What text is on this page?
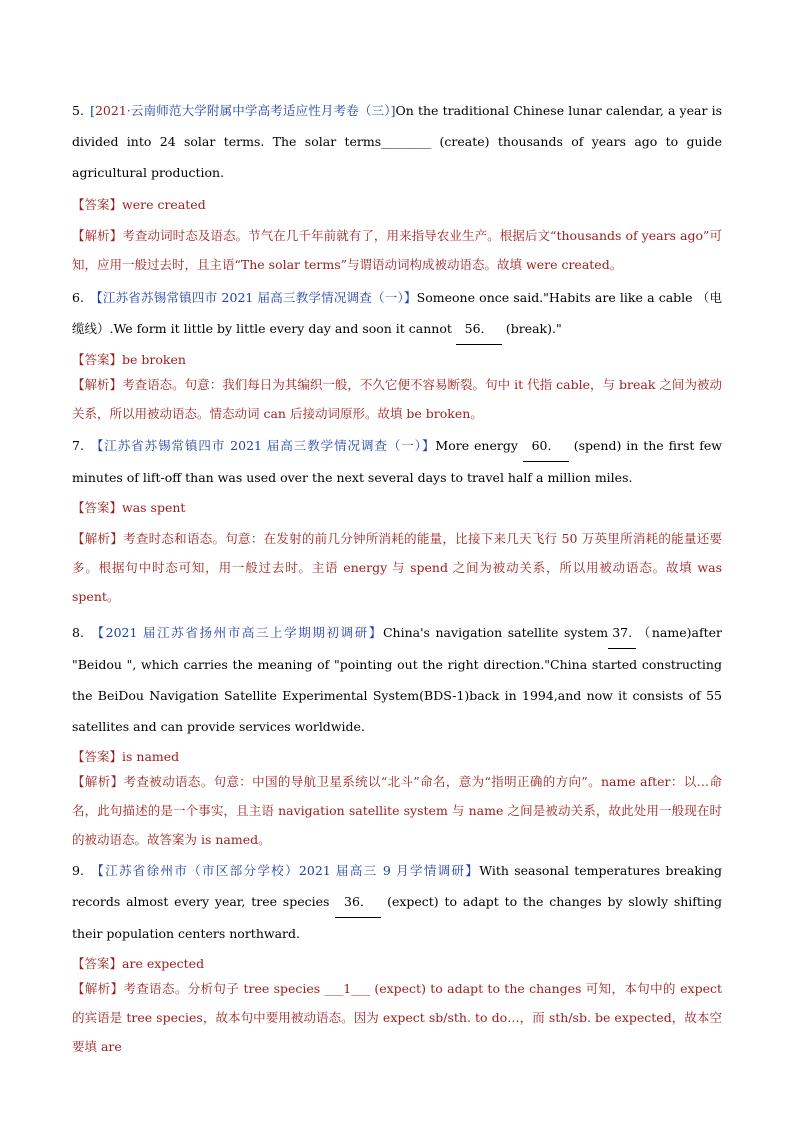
5. [2021·云南师范大学附属中学高考适应性月考卷（三）]On the traditional Chinese lunar calendar, a year is divided into 24 solar terms. The solar terms________ (create) thousands of years ago to guide agricultural production.
【答案】were created
【解析】考查动词时态及语态。节气在几千年前就有了，用来指导农业生产。根据后文“thousands of years ago”可知，应用一般过去时，且主语“The solar terms”与谓语动词构成被动语态。故填 were created。
6. 【江苏省苏锡常镇四市 2021 届高三教学情况调查（一）】Someone once said."Habits are like a cable （电缆线）.We form it little by little every day and soon it cannot 56． (break)."
【答案】be broken
【解析】考查语态。句意：我们每日为其编织一般，不久它便不容易断裂。句中 it 代指 cable，与 break 之间为被动关系，所以用被动语态。情态动词 can 后接动词原形。故填 be broken。
7. 【江苏省苏锡常镇四市 2021 届高三教学情况调查（一）】More energy 60． (spend) in the first few minutes of lift-off than was used over the next several days to travel half a million miles.
【答案】was spent
【解析】考查时态和语态。句意：在发射的前几分钟所消耗的能量，比接下来几天飞行 50 万英里所消耗的能量还要多。根据句中时态可知，用一般过去时。主语 energy 与 spend 之间为被动关系，所以用被动语态。故填 was spent。
8. 【2021 届江苏省扬州市高三上学期期初调研】China's navigation satellite system 37. （name)after "Beidou ", which carries the meaning of "pointing out the right direction."China started constructing the BeiDou Navigation Satellite Experimental System(BDS-1)back in 1994,and now it consists of 55 satellites and can provide services worldwide.
【答案】is named
【解析】考查被动语态。句意：中国的导航卫星系统以“北斗”命名，意为“指明正确的方向”。name after：以…命名，此句描述的是一个事实，且主语 navigation satellite system 与 name 之间是被动关系，故此处用一般现在时的被动语态。故答案为 is named。
9. 【江苏省徐州市（市区部分学校）2021 届高三 9 月学情调研】With seasonal temperatures breaking records almost every year, tree species 36． (expect) to adapt to the changes by slowly shifting their population centers northward.
【答案】are expected
【解析】考查语态。分析句子 tree species ___1___ (expect) to adapt to the changes 可知，本句中的 expect 的宾语是 tree species，故本句中要用被动语态。因为 expect sb/sth. to do…，而 sth/sb. be expected，故本空要填 are
